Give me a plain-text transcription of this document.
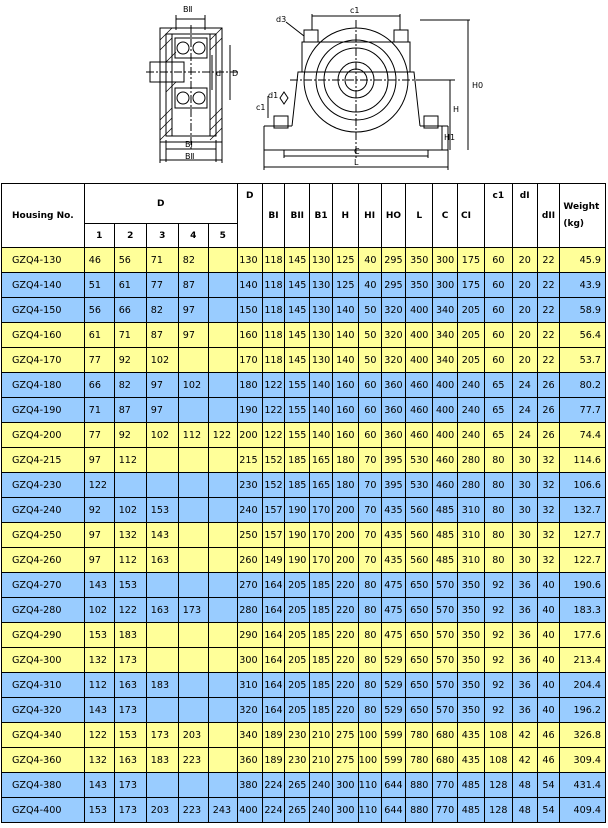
BⅡ
d D
BⅠ
BⅡ
d3
c1
H0
H
H1
c1
d1
C
L
Housing No.	D					D	BI	BII	B1	H	HI	HO	L	C	CI	c1	dI	dII	Weight
(kg)

	1	2	3	4	5														
GZQ4-130	46	56	71	82		130	118	145	130	125	40	295	350	300	175	60	20	22	45.9
GZQ4-140	51	61	77	87		140	118	145	130	125	40	295	350	300	175	60	20	22	43.9
GZQ4-150	56	66	82	97		150	118	145	130	140	50	320	400	340	205	60	20	22	58.9
GZQ4-160	61	71	87	97		160	118	145	130	140	50	320	400	340	205	60	20	22	56.4
GZQ4-170	77	92	102			170	118	145	130	140	50	320	400	340	205	60	20	22	53.7
GZQ4-180	66	82	97	102		180	122	155	140	160	60	360	460	400	240	65	24	26	80.2
GZQ4-190	71	87	97			190	122	155	140	160	60	360	460	400	240	65	24	26	77.7
GZQ4-200	77	92	102	112	122	200	122	155	140	160	60	360	460	400	240	65	24	26	74.4
GZQ4-215	97	112				215	152	185	165	180	70	395	530	460	280	80	30	32	114.6
GZQ4-230	122					230	152	185	165	180	70	395	530	460	280	80	30	32	106.6
GZQ4-240	92	102	153			240	157	190	170	200	70	435	560	485	310	80	30	32	132.7
GZQ4-250	97	132	143			250	157	190	170	200	70	435	560	485	310	80	30	32	127.7
GZQ4-260	97	112	163			260	149	190	170	200	70	435	560	485	310	80	30	32	122.7
GZQ4-270	143	153				270	164	205	185	220	80	475	650	570	350	92	36	40	190.6
GZQ4-280	102	122	163	173		280	164	205	185	220	80	475	650	570	350	92	36	40	183.3
GZQ4-290	153	183				290	164	205	185	220	80	475	650	570	350	92	36	40	177.6
GZQ4-300	132	173				300	164	205	185	220	80	529	650	570	350	92	36	40	213.4
GZQ4-310	112	163	183			310	164	205	185	220	80	529	650	570	350	92	36	40	204.4
GZQ4-320	143	173				320	164	205	185	220	80	529	650	570	350	92	36	40	196.2
GZQ4-340	122	153	173	203		340	189	230	210	275	100	599	780	680	435	108	42	46	326.8
GZQ4-360	132	163	183	223		360	189	230	210	275	100	599	780	680	435	108	42	46	309.4
GZQ4-380	143	173				380	224	265	240	300	110	644	880	770	485	128	48	54	431.4
GZQ4-400	153	173	203	223	243	400	224	265	240	300	110	644	880	770	485	128	48	54	409.4
